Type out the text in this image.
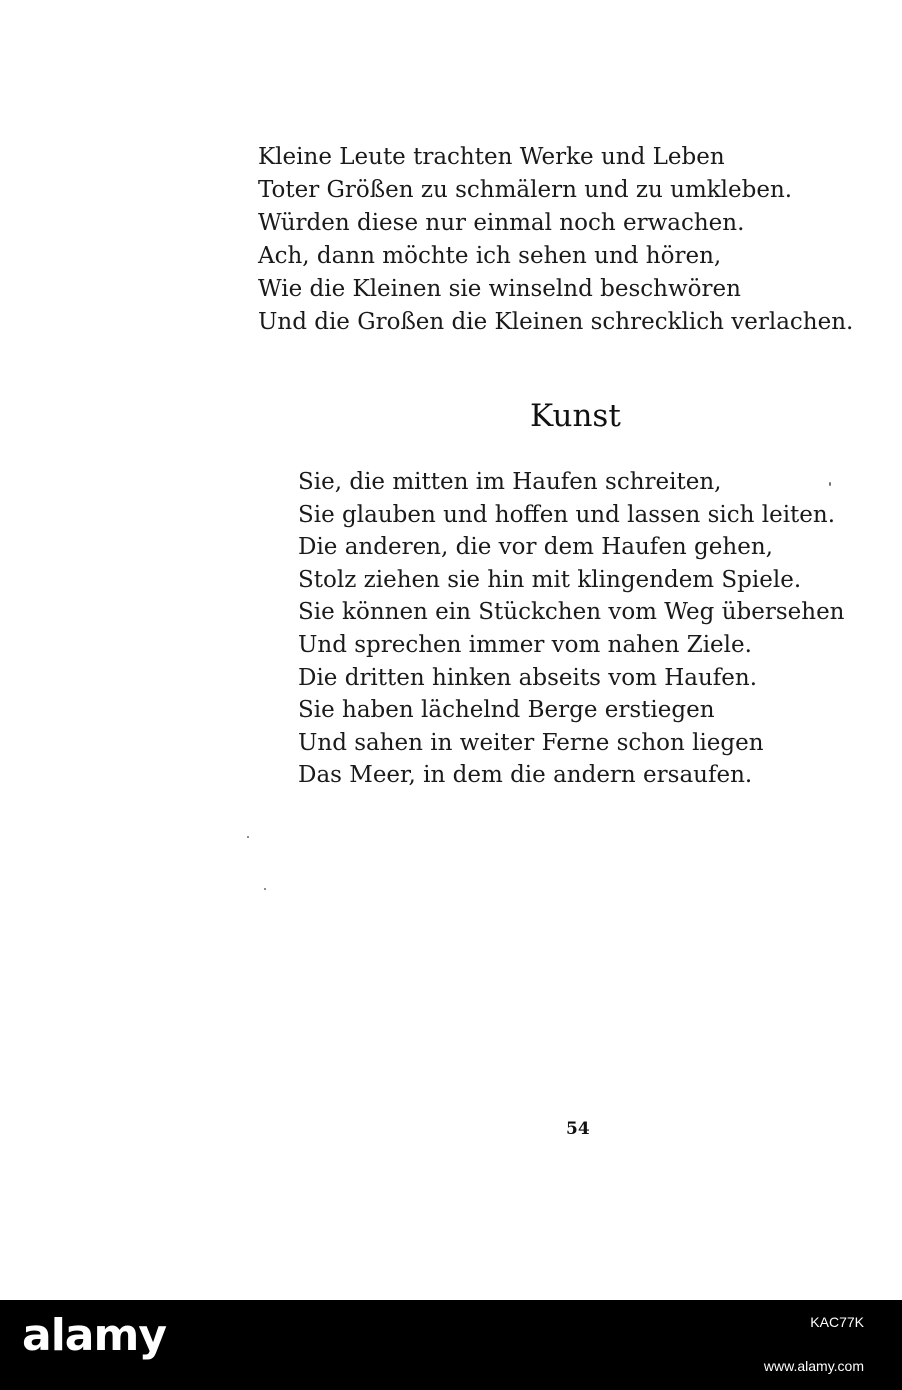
Kleine Leute trachten Werke und Leben
Toter Größen zu schmälern und zu umkleben.
Würden diese nur einmal noch erwachen.
Ach, dann möchte ich sehen und hören,
Wie die Kleinen sie winselnd beschwören
Und die Großen die Kleinen schrecklich verlachen.
Kunst
Sie, die mitten im Haufen schreiten,
Sie glauben und hoffen und lassen sich leiten.
Die anderen, die vor dem Haufen gehen,
Stolz ziehen sie hin mit klingendem Spiele.
Sie können ein Stückchen vom Weg übersehen
Und sprechen immer vom nahen Ziele.
Die dritten hinken abseits vom Haufen.
Sie haben lächelnd Berge erstiegen
Und sahen in weiter Ferne schon liegen
Das Meer, in dem die andern ersaufen.
54
alamy	KAC77K
www.alamy.com
